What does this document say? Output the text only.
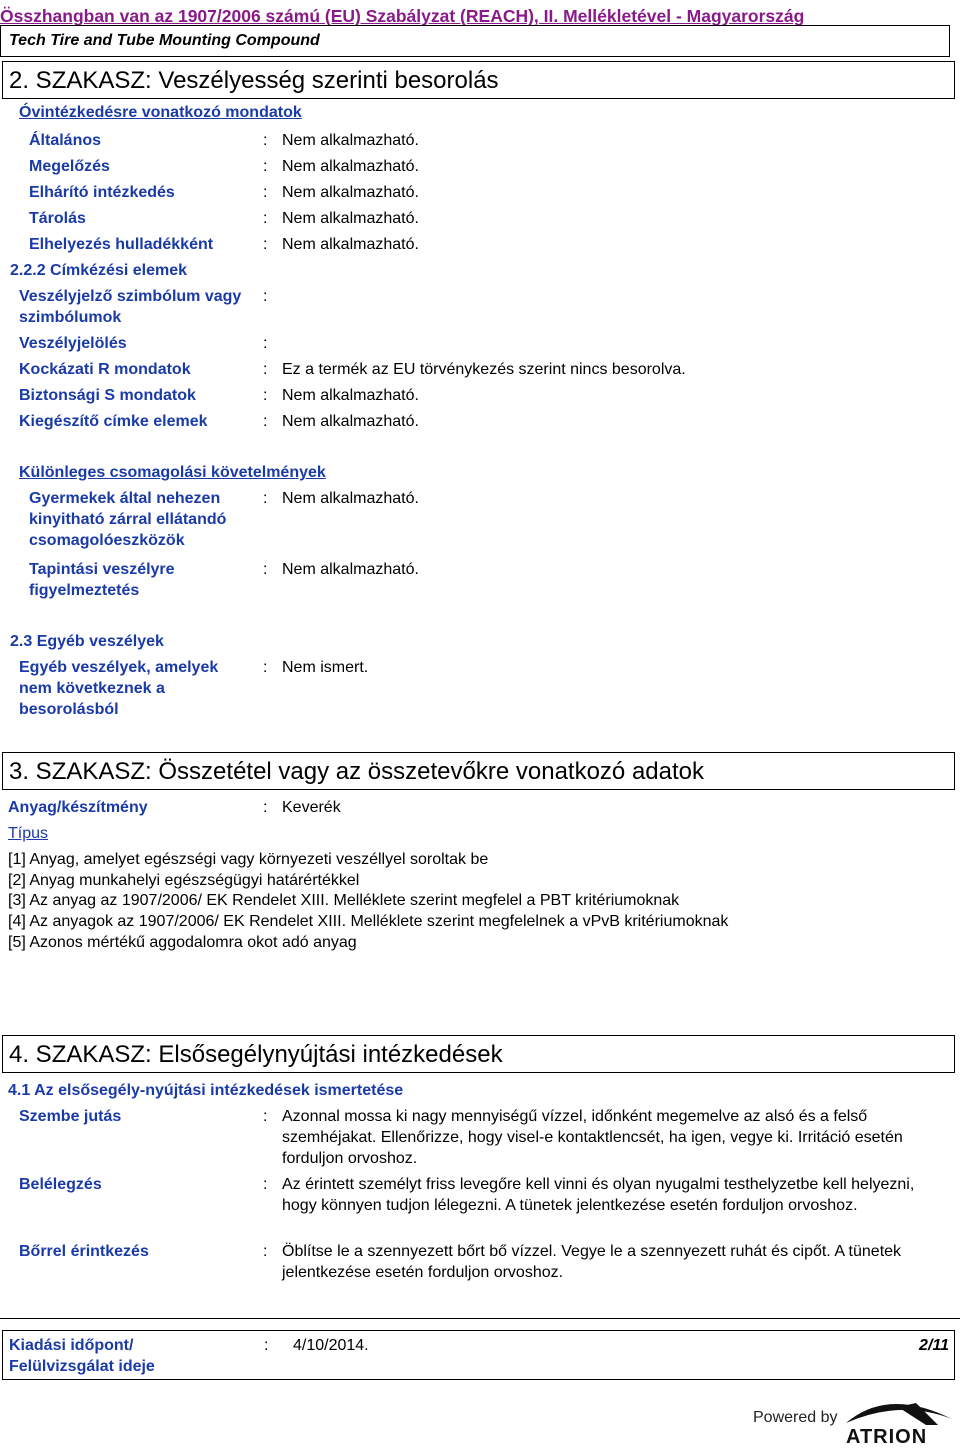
Összhangban van az 1907/2006 számú (EU) Szabályzat (REACH), II. Mellékletével - Magyarország
Tech Tire and Tube Mounting Compound
2. SZAKASZ: Veszélyesség szerinti besorolás
Óvintézkedésre vonatkozó mondatok
Általános	: Nem alkalmazható.
Megelőzés	: Nem alkalmazható.
Elhárító intézkedés	: Nem alkalmazható.
Tárolás	: Nem alkalmazható.
Elhelyezés hulladékként	: Nem alkalmazható.
2.2.2 Címkézési elemek
Veszélyjelző szimbólum vagy szimbólumok
:
Veszélyjelölés	:
Kockázati R mondatok	: Ez a termék az EU törvénykezés szerint nincs besorolva.
Biztonsági S mondatok	: Nem alkalmazható.
Kiegészítő címke elemek	: Nem alkalmazható.
Különleges csomagolási követelmények
Gyermekek által nehezen kinyitható zárral ellátandó csomagolóeszközök
: Nem alkalmazható.
Tapintási veszélyre figyelmeztetés
: Nem alkalmazható.
2.3 Egyéb veszélyek
Egyéb veszélyek, amelyek nem következnek a besorolásból
: Nem ismert.
3. SZAKASZ: Összetétel vagy az összetevőkre vonatkozó adatok
Anyag/készítmény	: Keverék
Típus
[1] Anyag, amelyet egészségi vagy környezeti veszéllyel soroltak be
[2] Anyag munkahelyi egészségügyi határértékkel
[3] Az anyag az 1907/2006/ EK Rendelet XIII. Melléklete szerint megfelel a PBT kritériumoknak
[4] Az anyagok az 1907/2006/ EK Rendelet XIII. Melléklete szerint megfelelnek a vPvB kritériumoknak
[5] Azonos mértékű aggodalomra okot adó anyag
4. SZAKASZ: Elsősegélynyújtási intézkedések
4.1 Az elsősegély-nyújtási intézkedések ismertetése
Szembe jutás	: Azonnal mossa ki nagy mennyiségű vízzel, időnként megemelve az alsó és a felső szemhéjakat. Ellenőrizze, hogy visel-e kontaktlencsét, ha igen, vegye ki. Irritáció esetén forduljon orvoshoz.
Belélegzés	: Az érintett személyt friss levegőre kell vinni és olyan nyugalmi testhelyzetbe kell helyezni, hogy könnyen tudjon lélegezni. A tünetek jelentkezése esetén forduljon orvoshoz.
Bőrrel érintkezés	: Öblítse le a szennyezett bőrt bő vízzel. Vegye le a szennyezett ruhát és cipőt. A tünetek jelentkezése esetén forduljon orvoshoz.
Kiadási időpont/ Felülvizsgálat ideje
: 4/10/2014.	2/11
Powered by
ATRION
